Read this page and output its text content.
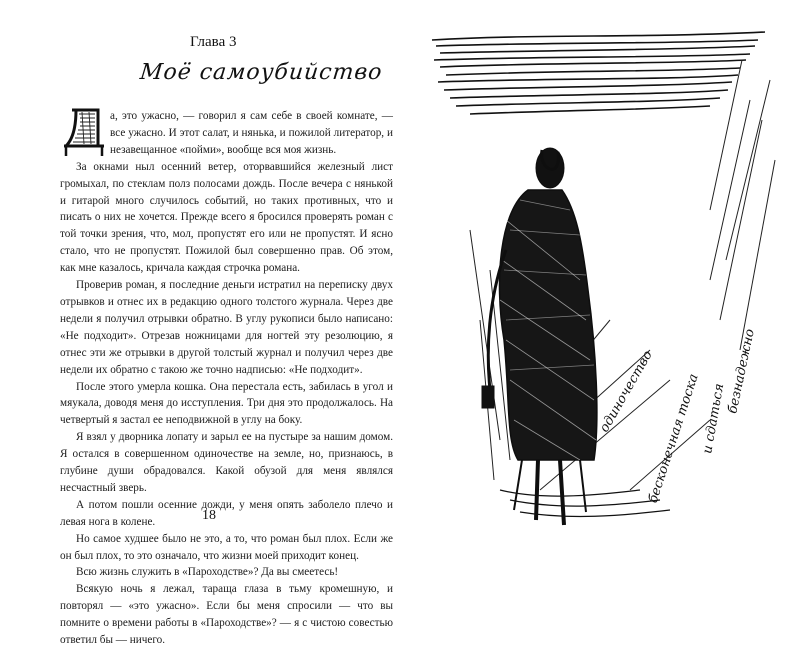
Глава 3
Моё самоубийство
Д

а, это ужасно, — говорил я сам себе в своей комнате, — все ужасно. И этот салат, и нянька, и пожилой литератор, и незавещанное «пойми», вообще вся моя жизнь.

За окнами ныл осенний ветер, оторвавшийся железный лист громыхал, по стеклам полз полосами дождь. После вечера с нянькой и гитарой много случилось событий, но таких противных, что и писать о них не хочется. Прежде всего я бросился проверять роман с той точки зрения, что, мол, пропустят его или не пропустят. И ясно стало, что не пропустят. Пожилой был совершенно прав. Об этом, как мне казалось, кричала каждая строчка романа.

Проверив роман, я последние деньги истратил на переписку двух отрывков и отнес их в редакцию одного толстого журнала. Через две недели я получил отрывки обратно. В углу рукописи было написано: «Не подходит». Отрезав ножницами для ногтей эту резолюцию, я отнес эти же отрывки в другой толстый журнал и получил через две недели их обратно с такою же точно надписью: «Не подходит».

После этого умерла кошка. Она перестала есть, забилась в угол и мяукала, доводя меня до исступления. Три дня это продолжалось. На четвертый я застал ее неподвижной в углу на боку.

Я взял у дворника лопату и зарыл ее на пустыре за нашим домом. Я остался в совершенном одиночестве на земле, но, признаюсь, в глубине души обрадовался. Какой обузой для меня являлся несчастный зверь.

А потом пошли осенние дожди, у меня опять заболело плечо и левая нога в колене.

Но самое худшее было не это, а то, что роман был плох. Если же он был плох, то это означало, что жизни моей приходит конец.

Всю жизнь служить в «Пароходстве»? Да вы смеетесь!

Всякую ночь я лежал, тараща глаза в тьму кромешную, и повторял — «это ужасно». Если бы меня спросили — что вы помните о времени работы в «Пароходстве»? — я с чистою совестью ответил бы — ничего.

18
бесконечная тоска
одиночество	и сдаться
безнадежно
